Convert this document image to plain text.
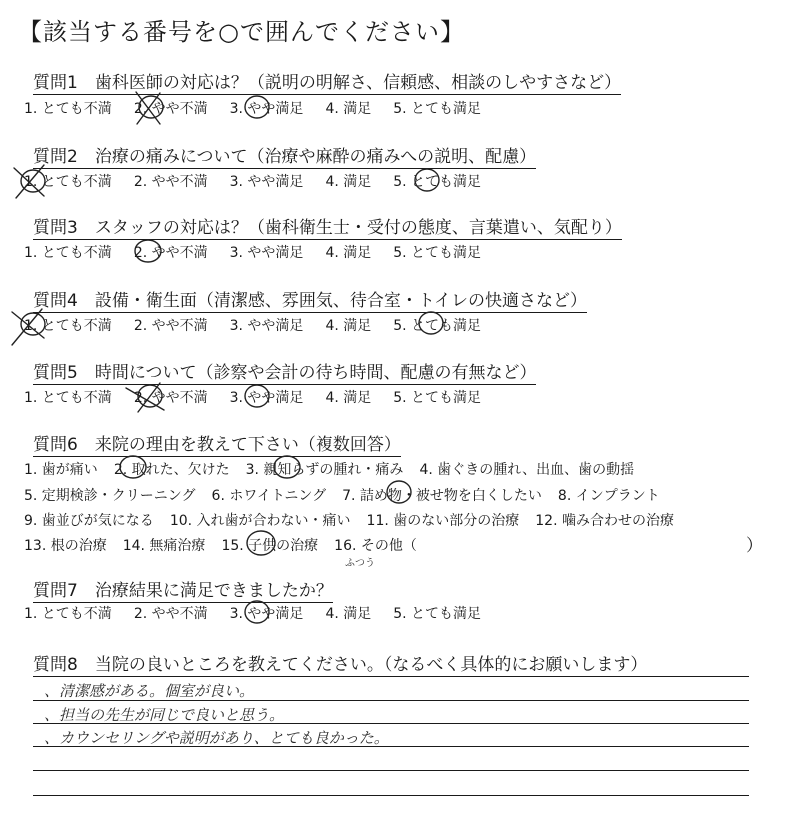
【該当する番号を○で囲んでください】
質問1　歯科医師の対応は？（説明の明解さ、信頼感、相談のしやすさなど）
1. とても不満 2. やや不満 3. やや満足 4. 満足 5. とても満足
質問2　治療の痛みについて（治療や麻酔の痛みへの説明、配慮）
1. とても不満 2. やや不満 3. やや満足 4. 満足 5. とても満足
質問3　スタッフの対応は？（歯科衛生士・受付の態度、言葉遣い、気配り）
1. とても不満 2. やや不満 3. やや満足 4. 満足 5. とても満足
質問4　設備・衛生面（清潔感、雰囲気、待合室・トイレの快適さなど）
1. とても不満 2. やや不満 3. やや満足 4. 満足 5. とても満足
質問5　時間について（診察や会計の待ち時間、配慮の有無など）
1. とても不満 2. やや不満 3. やや満足 4. 満足 5. とても満足
質問6　来院の理由を教えて下さい（複数回答）
1. 歯が痛い 2. 取れた、欠けた 3. 親知らずの腫れ・痛み 4. 歯ぐきの腫れ、出血、歯の動揺
5. 定期検診・クリーニング 6. ホワイトニング 7. 詰め物・被せ物を白くしたい 8. インプラント
9. 歯並びが気になる 10. 入れ歯が合わない・痛い 11. 歯のない部分の治療 12. 噛み合わせの治療
13. 根の治療 14. 無痛治療 15. 子供の治療 16. その他（	）
ふつう
質問7　治療結果に満足できましたか？
1. とても不満 2. やや不満 3. やや満足 4. 満足 5. とても満足
質問8　当院の良いところを教えてください。（なるべく具体的にお願いします）
、清潔感がある。個室が良い。
、担当の先生が同じで良いと思う。
、カウンセリングや説明があり、とても良かった。
